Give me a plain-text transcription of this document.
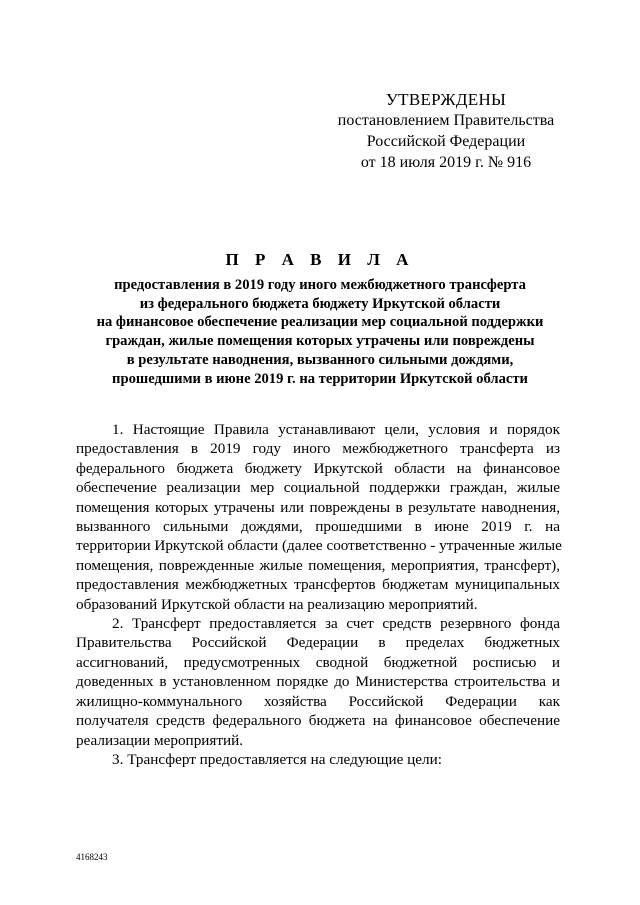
УТВЕРЖДЕНЫ
постановлением Правительства
Российской Федерации
от 18 июля 2019 г. № 916
П Р А В И Л А
предоставления в 2019 году иного межбюджетного трансферта
из федерального бюджета бюджету Иркутской области
на финансовое обеспечение реализации мер социальной поддержки
граждан, жилые помещения которых утрачены или повреждены
в результате наводнения, вызванного сильными дождями,
прошедшими в июне 2019 г. на территории Иркутской области
1. Настоящие Правила устанавливают цели, условия и порядок
предоставления в 2019 году иного межбюджетного трансферта из
федерального бюджета бюджету Иркутской области на финансовое
обеспечение реализации мер социальной поддержки граждан, жилые
помещения которых утрачены или повреждены в результате наводнения,
вызванного сильными дождями, прошедшими в июне 2019 г. на
территории Иркутской области (далее соответственно - утраченные жилые
помещения, поврежденные жилые помещения, мероприятия, трансферт),
предоставления межбюджетных трансфертов бюджетам муниципальных
образований Иркутской области на реализацию мероприятий.
2. Трансферт предоставляется за счет средств резервного фонда
Правительства Российской Федерации в пределах бюджетных
ассигнований, предусмотренных сводной бюджетной росписью и
доведенных в установленном порядке до Министерства строительства и
жилищно-коммунального хозяйства Российской Федерации как
получателя средств федерального бюджета на финансовое обеспечение
реализации мероприятий.
3. Трансферт предоставляется на следующие цели:
4168243
